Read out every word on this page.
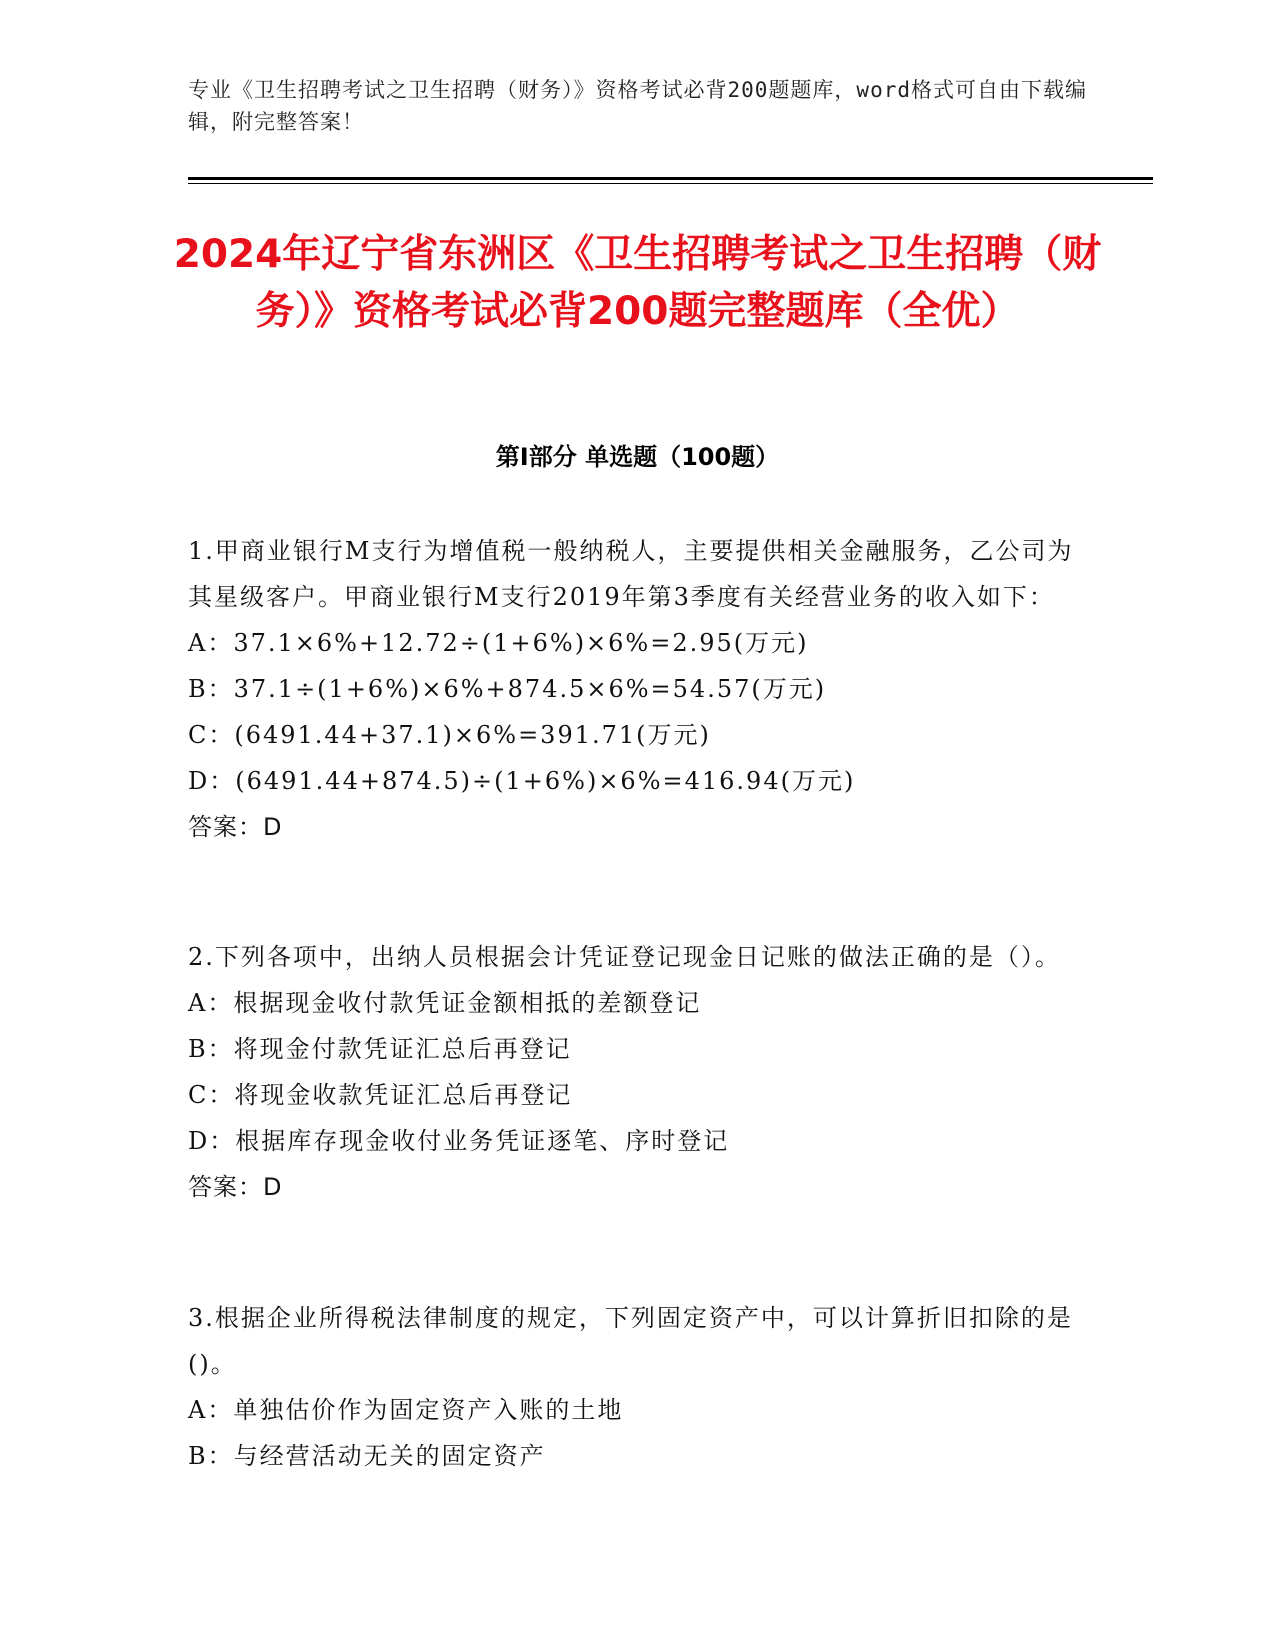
专业《卫生招聘考试之卫生招聘（财务）》资格考试必背200题题库，word格式可自由下载编辑，附完整答案！
2024年辽宁省东洲区《卫生招聘考试之卫生招聘（财务）》资格考试必背200题完整题库（全优）
第Ⅰ部分 单选题（100题）
1.甲商业银行M支行为增值税一般纳税人，主要提供相关金融服务，乙公司为其星级客户。甲商业银行M支行2019年第3季度有关经营业务的收入如下：
A：37.1×6%+12.72÷(1+6%)×6%=2.95(万元)
B：37.1÷(1+6%)×6%+874.5×6%=54.57(万元)
C：(6491.44+37.1)×6%=391.71(万元)
D：(6491.44+874.5)÷(1+6%)×6%=416.94(万元)
答案：D
2.下列各项中，出纳人员根据会计凭证登记现金日记账的做法正确的是（）。
A：根据现金收付款凭证金额相抵的差额登记
B：将现金付款凭证汇总后再登记
C：将现金收款凭证汇总后再登记
D：根据库存现金收付业务凭证逐笔、序时登记
答案：D
3.根据企业所得税法律制度的规定，下列固定资产中，可以计算折旧扣除的是()。
A：单独估价作为固定资产入账的土地
B：与经营活动无关的固定资产
